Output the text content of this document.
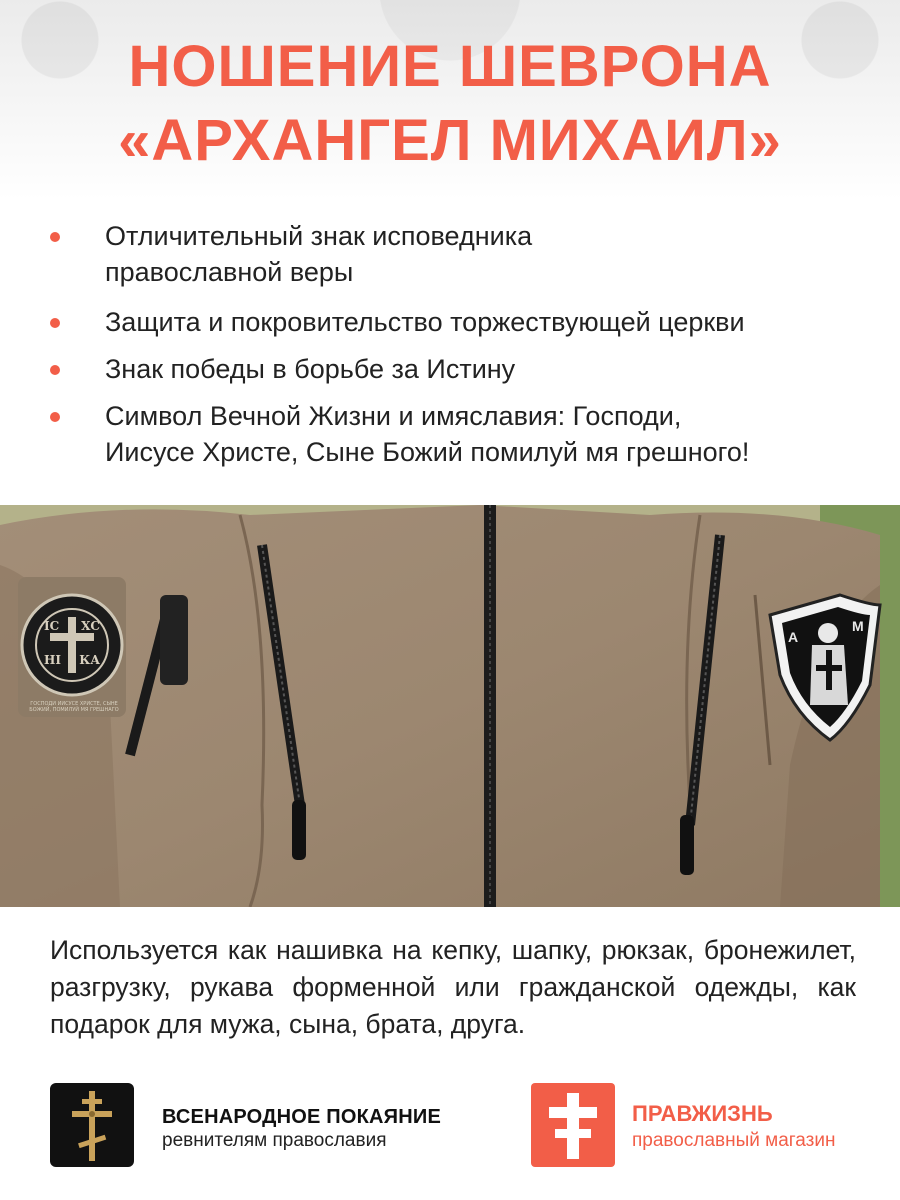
НОШЕНИЕ ШЕВРОНА
«АРХАНГЕЛ МИХАИЛ»
Отличительный знак исповедника
православной веры
Защита и покровительство торжествующей церкви
Знак победы в борьбе за Истину
Символ Вечной Жизни и имяславия: Господи,
Иисусе Христе, Сыне Божий помилуй мя грешного!
ІС ХС
НІ КА
ГОСПОДИ ИИСУСЕ ХРИСТЕ, СЫНЕ БОЖИЙ, ПОМИЛУЙ МЯ ГРЕШНАГО
А
М

Используется как нашивка на кепку, шапку, рюкзак, бронежилет, разгрузку, рукава форменной или гражданской одежды, как подарок для мужа, сына, брата, друга.

ВСЕНАРОДНОЕ ПОКАЯНИЕ
ревнителям православия
ПРАВЖИЗНЬ
православный магазин
